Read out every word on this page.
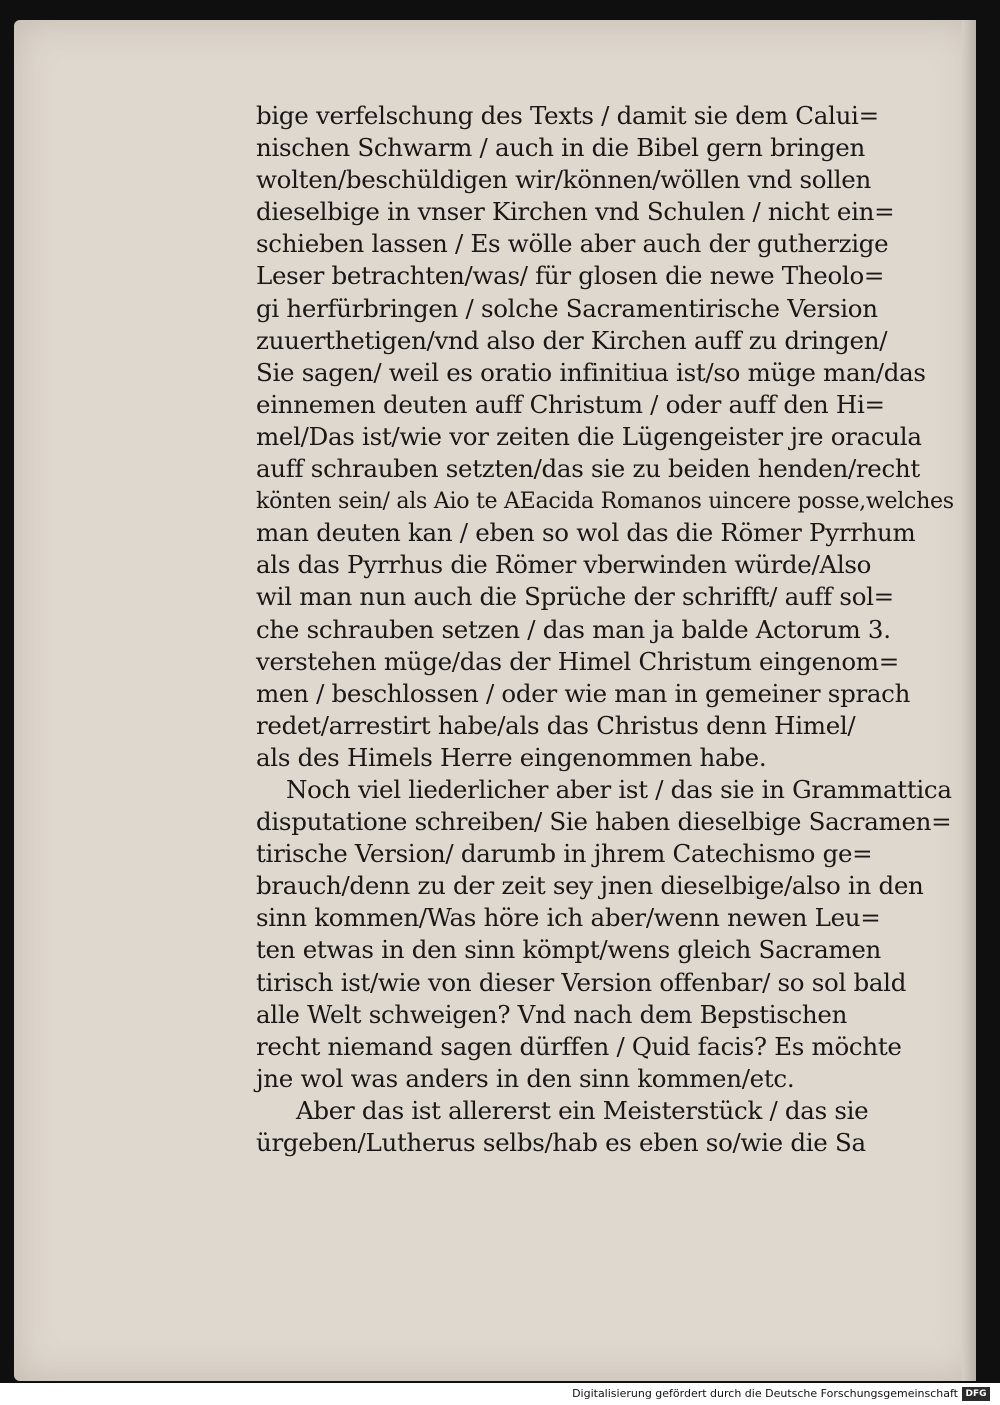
bige verfelschung des Texts / damit sie dem Calui=
nischen Schwarm / auch in die Bibel gern bringen
wolten/beschüldigen wir/können/wöllen vnd sollen
dieselbige in vnser Kirchen vnd Schulen / nicht ein=
schieben lassen / Es wölle aber auch der gutherzige
Leser betrachten/was/ für glosen die newe Theolo=
gi herfürbringen / solche Sacramentirische Version
zuuerthetigen/vnd also der Kirchen auff zu dringen/
Sie sagen/ weil es oratio infinitiua ist/so müge man/das
einnemen deuten auff Christum / oder auff den Hi=
mel/Das ist/wie vor zeiten die Lügengeister jre oracula
auff schrauben setzten/das sie zu beiden henden/recht
könten sein/ als Aio te AEacida Romanos uincere posse,welches
man deuten kan / eben so wol das die Römer Pyrrhum
als das Pyrrhus die Römer vberwinden würde/Also
wil man nun auch die Sprüche der schrifft/ auff sol=
che schrauben setzen / das man ja balde Actorum 3.
verstehen müge/das der Himel Christum eingenom=
men / beschlossen / oder wie man in gemeiner sprach
redet/arrestirt habe/als das Christus denn Himel/
als des Himels Herre eingenommen habe.
Noch viel liederlicher aber ist / das sie in Grammattica
disputatione schreiben/ Sie haben dieselbige Sacramen=
tirische Version/ darumb in jhrem Catechismo ge=
brauch/denn zu der zeit sey jnen dieselbige/also in den
sinn kommen/Was höre ich aber/wenn newen Leu=
ten etwas in den sinn kömpt/wens gleich Sacramen
tirisch ist/wie von dieser Version offenbar/ so sol bald
alle Welt schweigen? Vnd nach dem Bepstischen
recht niemand sagen dürffen / Quid facis? Es möchte
jne wol was anders in den sinn kommen/etc.
Aber das ist allererst ein Meisterstück / das sie
ürgeben/Lutherus selbs/hab es eben so/wie die Sa
Digitalisierung gefördert durch die Deutsche Forschungsgemeinschaft DFG
